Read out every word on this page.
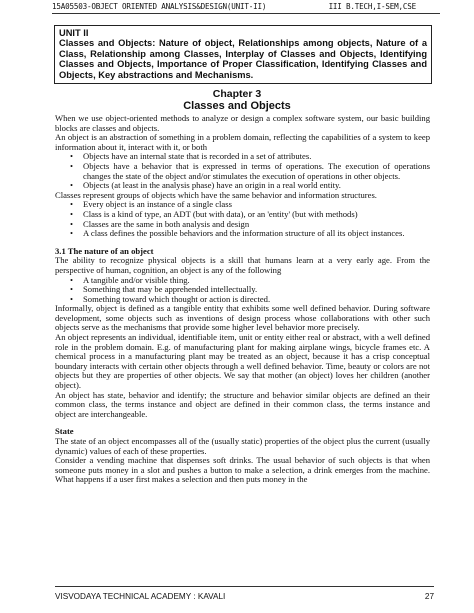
15A05503-OBJECT ORIENTED ANALYSIS&DESIGN(UNIT-II)	III B.TECH,I-SEM,CSE
UNIT II
Classes and Objects: Nature of object, Relationships among objects, Nature of a Class, Relationship among Classes, Interplay of Classes and Objects, Identifying Classes and Objects, Importance of Proper Classification, Identifying Classes and Objects, Key abstractions and Mechanisms.
Chapter 3
Classes and Objects

When we use object-oriented methods to analyze or design a complex software system, our basic building blocks are classes and objects.

An object is an abstraction of something in a problem domain, reflecting the capabilities of a system to keep information about it, interact with it, or both

• Objects have an internal state that is recorded in a set of attributes.
• Objects have a behavior that is expressed in terms of operations. The execution of operations changes the state of the object and/or stimulates the execution of operations in other objects.
• Objects (at least in the analysis phase) have an origin in a real world entity.

Classes represent groups of objects which have the same behavior and information structures.

• Every object is an instance of a single class
• Class is a kind of type, an ADT (but with data), or an 'entity' (but with methods)
• Classes are the same in both analysis and design
• A class defines the possible behaviors and the information structure of all its object instances.

3.1 The nature of an object

The ability to recognize physical objects is a skill that humans learn at a very early age. From the perspective of human, cognition, an object is any of the following

• A tangible and/or visible thing.
• Something that may be apprehended intellectually.
• Something toward which thought or action is directed.

Informally, object is defined as a tangible entity that exhibits some well defined behavior. During software development, some objects such as inventions of design process whose collaborations with other such objects serve as the mechanisms that provide some higher level behavior more precisely.

An object represents an individual, identifiable item, unit or entity either real or abstract, with a well defined role in the problem domain. E.g. of manufacturing plant for making airplane wings, bicycle frames etc. A chemical process in a manufacturing plant may be treated as an object, because it has a crisp conceptual boundary interacts with certain other objects through a well defined behavior. Time, beauty or colors are not objects but they are properties of other objects. We say that mother (an object) loves her children (another object).

An object has state, behavior and identify; the structure and behavior similar objects are defined an their common class, the terms instance and object are defined in their common class, the terms instance and object are interchangeable.

State

The state of an object encompasses all of the (usually static) properties of the object plus the current (usually dynamic) values of each of these properties.

Consider a vending machine that dispenses soft drinks. The usual behavior of such objects is that when someone puts money in a slot and pushes a button to make a selection, a drink emerges from the machine. What happens if a user first makes a selection and then puts money in the

VISVODAYA TECHNICAL ACADEMY : KAVALI	27
